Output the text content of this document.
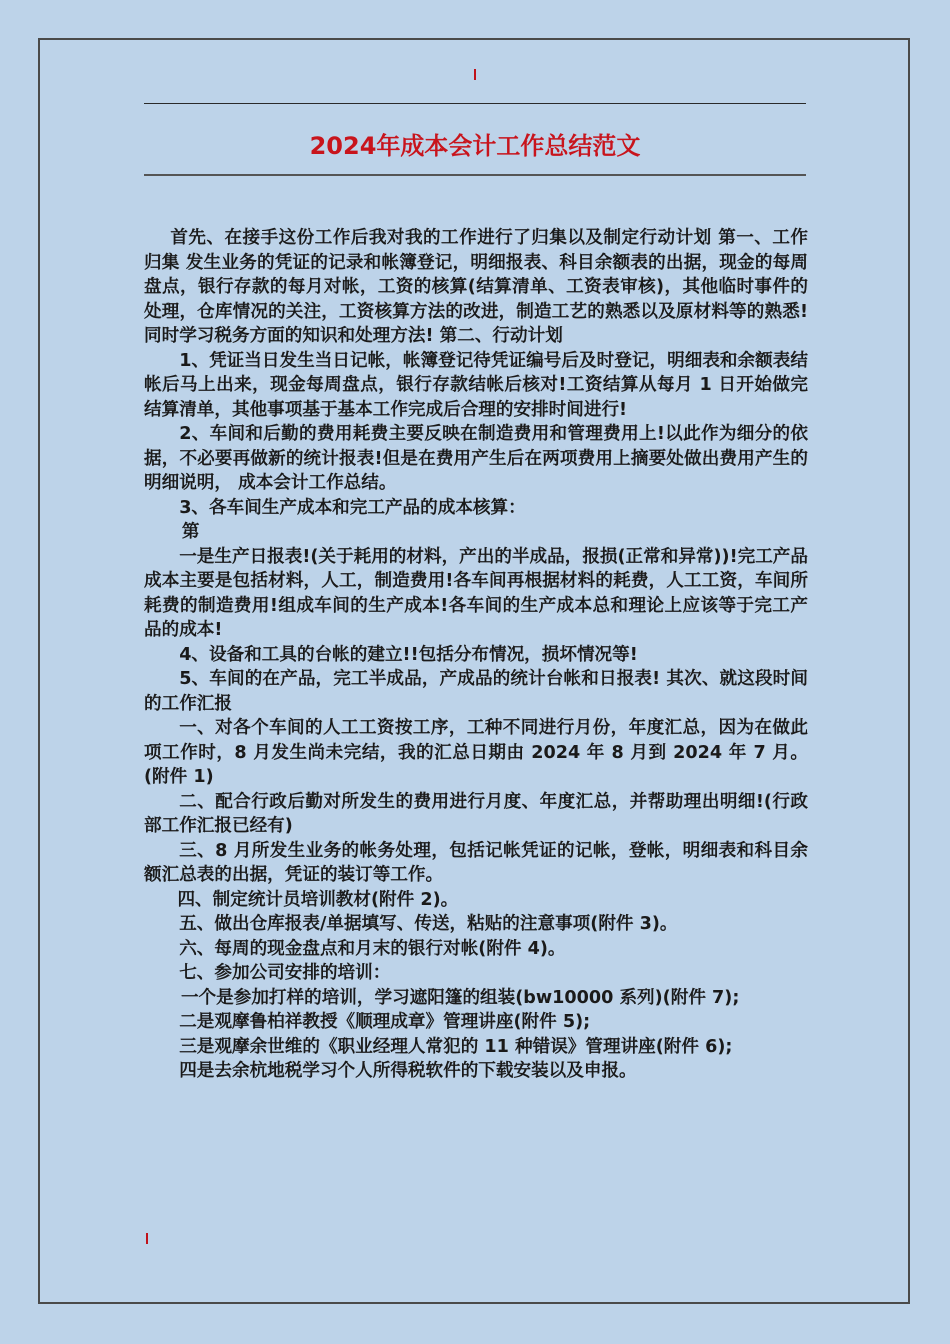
2024年成本会计工作总结范文

首先、在接手这份工作后我对我的工作进行了归集以及制定行动计划 第一、工作归集 发生业务的凭证的记录和帐簿登记，明细报表、科目余额表的出据，现金的每周盘点，银行存款的每月对帐，工资的核算(结算清单、工资表审核)，其他临时事件的处理，仓库情况的关注，工资核算方法的改进，制造工艺的熟悉以及原材料等的熟悉!同时学习税务方面的知识和处理方法! 第二、行动计划

1、凭证当日发生当日记帐，帐簿登记待凭证编号后及时登记，明细表和余额表结帐后马上出来，现金每周盘点，银行存款结帐后核对!工资结算从每月 1 日开始做完结算清单，其他事项基于基本工作完成后合理的安排时间进行!

2、车间和后勤的费用耗费主要反映在制造费用和管理费用上!以此作为细分的依据，不必要再做新的统计报表!但是在费用产生后在两项费用上摘要处做出费用产生的明细说明， 成本会计工作总结。

3、各车间生产成本和完工产品的成本核算：

第

一是生产日报表!(关于耗用的材料，产出的半成品，报损(正常和异常))!完工产品成本主要是包括材料，人工，制造费用!各车间再根据材料的耗费，人工工资，车间所耗费的制造费用!组成车间的生产成本!各车间的生产成本总和理论上应该等于完工产品的成本!

4、设备和工具的台帐的建立!!包括分布情况，损坏情况等!

5、车间的在产品，完工半成品，产成品的统计台帐和日报表! 其次、就这段时间的工作汇报

一、对各个车间的人工工资按工序，工种不同进行月份，年度汇总，因为在做此项工作时，8 月发生尚未完结，我的汇总日期由 2024 年 8 月到 2024 年 7 月。(附件 1)

二、配合行政后勤对所发生的费用进行月度、年度汇总，并帮助理出明细!(行政部工作汇报已经有)

三、8 月所发生业务的帐务处理，包括记帐凭证的记帐，登帐，明细表和科目余额汇总表的出据，凭证的装订等工作。

四、制定统计员培训教材(附件 2)。

五、做出仓库报表/单据填写、传送，粘贴的注意事项(附件 3)。

六、每周的现金盘点和月末的银行对帐(附件 4)。

七、参加公司安排的培训：

一个是参加打样的培训，学习遮阳篷的组装(bw10000 系列)(附件 7);

二是观摩鲁柏祥教授《顺理成章》管理讲座(附件 5);

三是观摩余世维的《职业经理人常犯的 11 种错误》管理讲座(附件 6);

四是去余杭地税学习个人所得税软件的下载安装以及申报。
